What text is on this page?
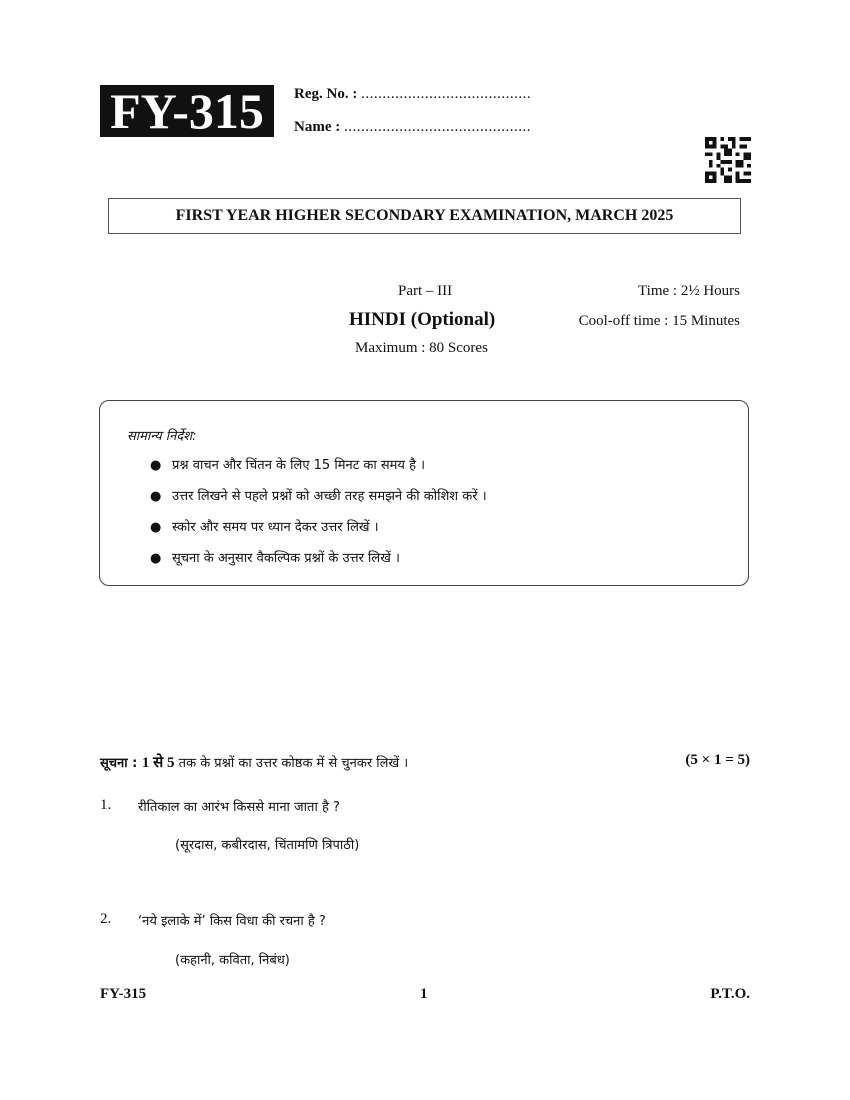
FY-315	Reg. No. : ........................................
Name : ............................................
FIRST YEAR HIGHER SECONDARY EXAMINATION, MARCH 2025
Part – III
HINDI (Optional)
Maximum : 80 Scores
Time : 2½ Hours
Cool-off time : 15 Minutes
सामान्य निर्देश:
● प्रश्न वाचन और चिंतन के लिए 15 मिनट का समय है ।
● उत्तर लिखने से पहले प्रश्नों को अच्छी तरह समझने की कोशिश करें ।
● स्कोर और समय पर ध्यान देकर उत्तर लिखें ।
● सूचना के अनुसार वैकल्पिक प्रश्नों के उत्तर लिखें ।
सूचना : 1 से 5 तक के प्रश्नों का उत्तर कोष्ठक में से चुनकर लिखें ।	(5 × 1 = 5)
1. रीतिकाल का आरंभ किससे माना जाता है ?
(सूरदास, कबीरदास, चिंतामणि त्रिपाठी)
2. ‘नये इलाके में’ किस विधा की रचना है ?
(कहानी, कविता, निबंध)
FY-315	1	P.T.O.
